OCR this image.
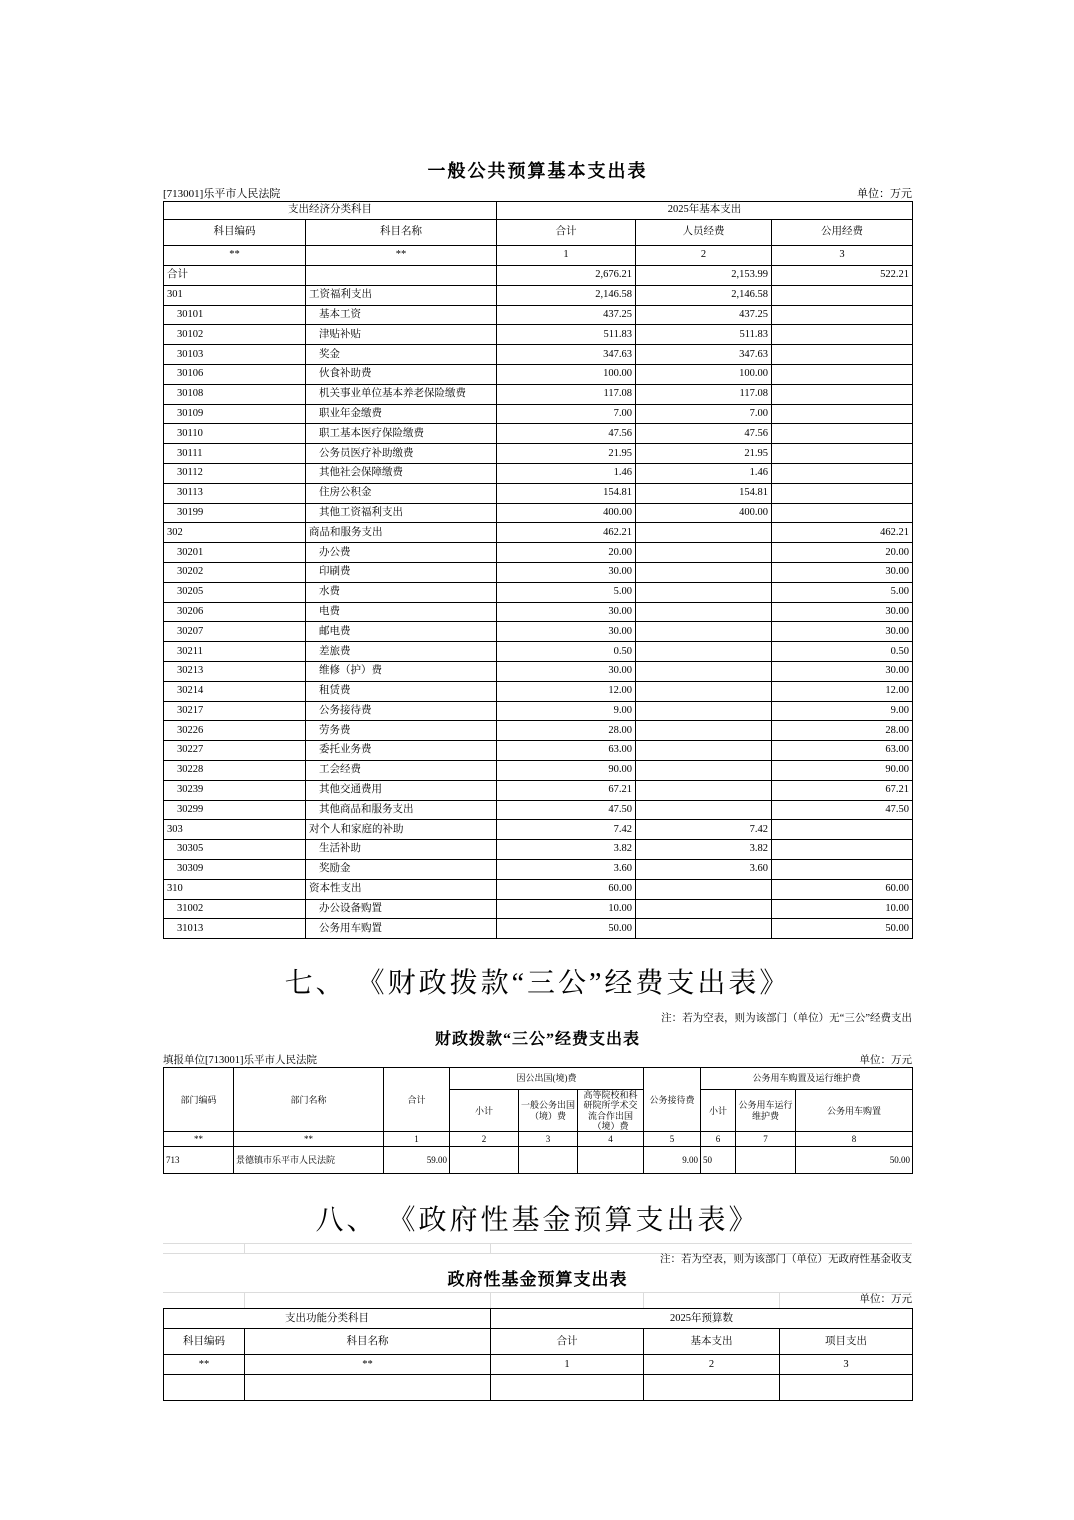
一般公共预算基本支出表
[713001]乐平市人民法院	单位：万元
支出经济分类科目		2025年基本支出		
科目编码	科目名称	合计	人员经费	公用经费
**	**	1	2	3
合计		2,676.21	2,153.99	522.21
301	工资福利支出	2,146.58	2,146.58	
30101	基本工资	437.25	437.25	
30102	津贴补贴	511.83	511.83	
30103	奖金	347.63	347.63	
30106	伙食补助费	100.00	100.00	
30108	机关事业单位基本养老保险缴费	117.08	117.08	
30109	职业年金缴费	7.00	7.00	
30110	职工基本医疗保险缴费	47.56	47.56	
30111	公务员医疗补助缴费	21.95	21.95	
30112	其他社会保障缴费	1.46	1.46	
30113	住房公积金	154.81	154.81	
30199	其他工资福利支出	400.00	400.00	
302	商品和服务支出	462.21		462.21
30201	办公费	20.00		20.00
30202	印刷费	30.00		30.00
30205	水费	5.00		5.00
30206	电费	30.00		30.00
30207	邮电费	30.00		30.00
30211	差旅费	0.50		0.50
30213	维修（护）费	30.00		30.00
30214	租赁费	12.00		12.00
30217	公务接待费	9.00		9.00
30226	劳务费	28.00		28.00
30227	委托业务费	63.00		63.00
30228	工会经费	90.00		90.00
30239	其他交通费用	67.21		67.21
30299	其他商品和服务支出	47.50		47.50
303	对个人和家庭的补助	7.42	7.42	
30305	生活补助	3.82	3.82	
30309	奖励金	3.60	3.60	
310	资本性支出	60.00		60.00
31002	办公设备购置	10.00		10.00
31013	公务用车购置	50.00		50.00
七、 《财政拨款“三公”经费支出表》
注：若为空表，则为该部门（单位）无“三公”经费支出
财政拨款“三公”经费支出表
填报单位[713001]乐平市人民法院	单位：万元
部门编码	部门名称	合计	因公出国(境)费			公务接待费	公务用车购置及运行维护费		
			小计	一般公务出国（境）费	高等院校和科研院所学术交流合作出国（境）费		小计	公务用车运行维护费	公务用车购置
**	**	1	2	3	4	5	6	7	8
713	景德镇市乐平市人民法院	59.00				9.00	50		50.00
八、 《政府性基金预算支出表》
注：若为空表，则为该部门（单位）无政府性基金收支
政府性基金预算支出表
单位：万元
支出功能分类科目		2025年预算数		
科目编码	科目名称	合计	基本支出	项目支出
**	**	1	2	3
